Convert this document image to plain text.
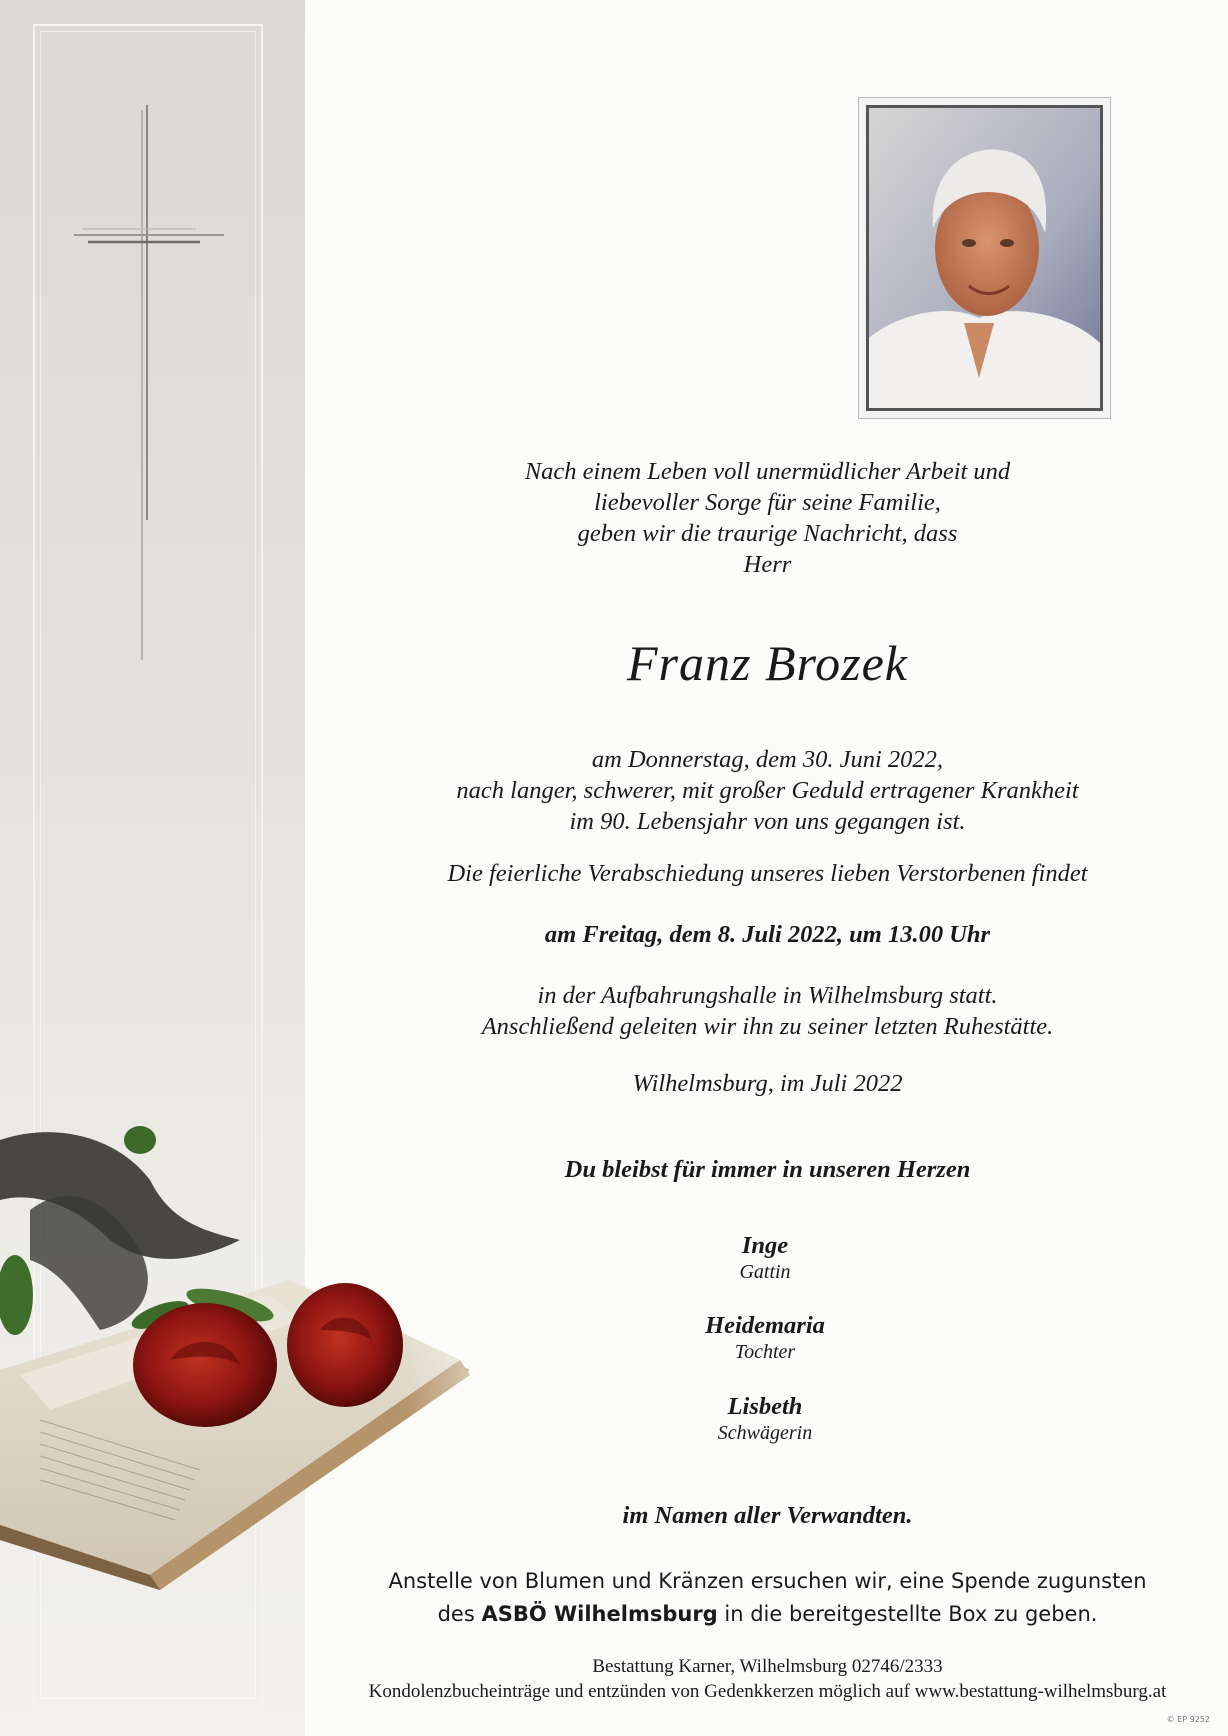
Nach einem Leben voll unermüdlicher Arbeit und
liebevoller Sorge für seine Familie,
geben wir die traurige Nachricht, dass
Herr

Franz Brozek

am Donnerstag, dem 30. Juni 2022,
nach langer, schwerer, mit großer Geduld ertragener Krankheit
im 90. Lebensjahr von uns gegangen ist.

Die feierliche Verabschiedung unseres lieben Verstorbenen findet

am Freitag, dem 8. Juli 2022, um 13.00 Uhr

in der Aufbahrungshalle in Wilhelmsburg statt.
Anschließend geleiten wir ihn zu seiner letzten Ruhestätte.

Wilhelmsburg, im Juli 2022

Du bleibst für immer in unseren Herzen

Inge
Gattin
Heidemaria
Tochter
Lisbeth
Schwägerin

im Namen aller Verwandten.

Anstelle von Blumen und Kränzen ersuchen wir, eine Spende zugunsten
des ASBÖ Wilhelmsburg in die bereitgestellte Box zu geben.

Bestattung Karner, Wilhelmsburg 02746/2333
Kondolenzbucheinträge und entzünden von Gedenkkerzen möglich auf www.bestattung-wilhelmsburg.at

© EP 9252
